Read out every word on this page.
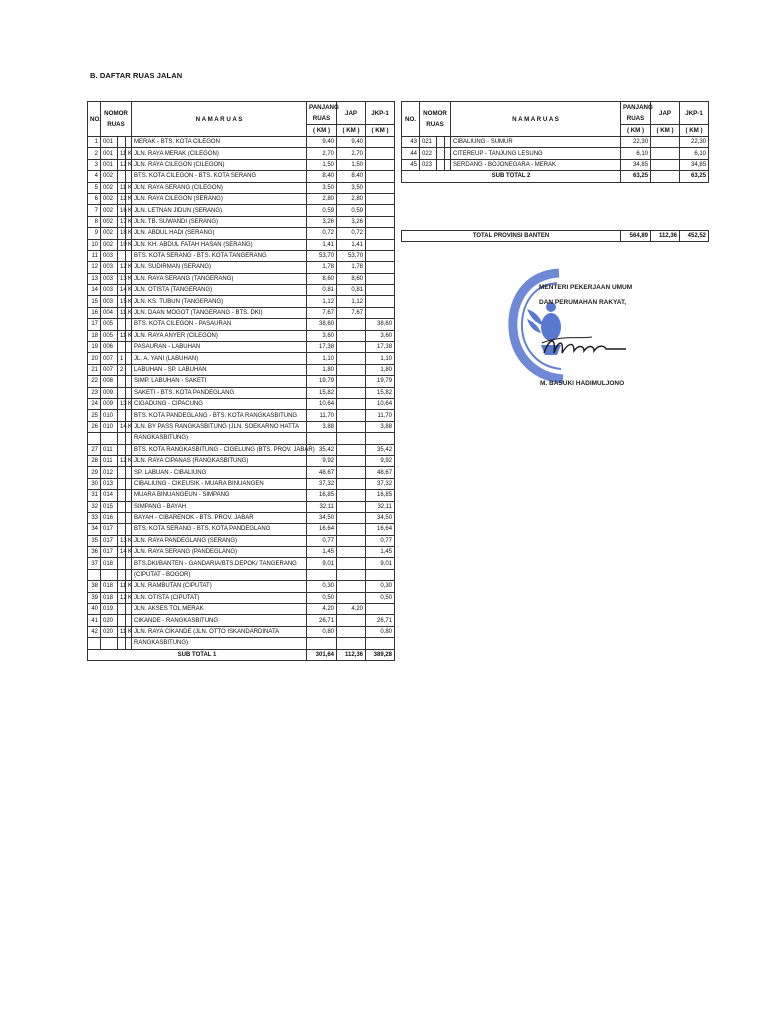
B. DAFTAR RUAS JALAN
NO.	NOMOR
RUAS			N A M A R U A S	PANJANG	JAP	JKP-1
					RUAS		
					( KM )	( KM )	( KM )
1	001			MERAK - BTS. KOTA CILEGON	9,40	9,40	
2	001	11	K	JLN. RAYA MERAK (CILEGON)	2,70	2,70	
3	001	12	K	JLN. RAYA CILEGON (CILEGON)	1,50	1,50	
4	002			BTS. KOTA CILEGON - BTS. KOTA SERANG	8,40	8,40	
5	002	11	K	JLN. RAYA SERANG (CILEGON)	3,50	3,50	
6	002	12	K	JLN. RAYA CILEGON (SERANG)	2,80	2,80	
7	002	16	K	JLN. LETNAN JIDUN (SERANG)	0,59	0,59	
8	002	17	K	JLN. TB. SUWANDI (SERANG)	3,26	3,26	
9	002	18	K	JLN. ABDUL HADI (SERANG)	0,72	0,72	
10	002	19	K	JLN. KH. ABDUL FATAH HASAN (SERANG)	1,41	1,41	
11	003			BTS. KOTA SERANG - BTS. KOTA TANGERANG	53,70	53,70	
12	003	12	K	JLN. SUDIRMAN (SERANG)	1,78	1,78	
13	003	13	K	JLN. RAYA SERANG (TANGERANG)	8,60	8,60	
14	003	14	K	JLN. OTISTA (TANGERANG)	0,81	0,81	
15	003	15	K	JLN. KS. TUBUN (TANGERANG)	1,12	1,12	
16	004	11	K	JLN. DAAN MOGOT (TANGERANG - BTS. DKI)	7,67	7,67	
17	005			BTS. KOTA CILEGON - PASAURAN	38,60		38,60
18	005	11	K	JLN. RAYA ANYER (CILEGON)	3,60		3,60
19	006			PASAURAN - LABUHAN	17,38		17,38
20	007	1		JL. A. YANI (LABUHAN)	1,10		1,10
21	007	2		LABUHAN - SP. LABUHAN	1,80		1,80
22	008			SIMP. LABUHAN - SAKETI	19,79		19,79
23	009			SAKETI - BTS. KOTA PANDEGLANG	15,82		15,82
24	009	13	K	CIGADUNG - CIPACUNG	10,64		10,64
25	010			BTS. KOTA PANDEGLANG - BTS. KOTA RANGKASBITUNG	11,70		11,70
26	010	14	K	JLN. BY PASS RANGKASBITUNG (JLN. SOEKARNO HATTA	3,88		3,88
				RANGKASBITUNG)			
27	011			BTS. KOTA RANGKASBITUNG - CIGELUNG (BTS. PROV. JABAR)	35,42		35,42
28	011	12	K	JLN. RAYA CIPANAS (RANGKASBITUNG)	9,92		9,92
29	012			SP. LABUAN - CIBALIUNG	48,67		48,67
30	013			CIBALIUNG - CIKEUSIK - MUARA BINUANGEN	37,32		37,32
31	014			MUARA BINUANGEUN - SIMPANG	16,85		16,85
32	015			SIMPANG - BAYAH	32,11		32,11
33	016			BAYAH - CIBARENOK - BTS. PROV. JABAR	34,50		34,50
34	017			BTS. KOTA SERANG - BTS. KOTA PANDEGLANG	16,64		16,64
35	017	13	K	JLN. RAYA PANDEGLANG (SERANG)	0,77		0,77
36	017	14	K	JLN. RAYA SERANG (PANDEGLANG)	1,45		1,45
37	018			BTS.DKI/BANTEN - GANDARIA/BTS.DEPOK/ TANGERANG	9,01		9,01
				(CIPUTAT - BOGOR)			
38	018	11	K	JLN. RAMBUTAN (CIPUTAT)	0,30		0,30
39	018	12	K	JLN. OTISTA (CIPUTAT)	0,50		0,50
40	019			JLN. AKSES TOL MERAK	4,20	4,20	
41	020			CIKANDE - RANGKASBITUNG	26,71		26,71
42	020	11	K	JLN. RAYA CIKANDE (JLN. OTTO ISKANDARDINATA	0,80		0,80
				RANGKASBITUNG)			
SUB TOTAL 1					301,64	112,36	389,28
NO.	NOMOR
RUAS			N A M A R U A S	PANJANG	JAP	JKP-1
					RUAS		
					( KM )	( KM )	( KM )
43	021			CIBALIUNG - SUMUR	22,30		22,30
44	022			CITEREUP - TANJUNG LESUNG	6,10		6,10
45	023			SERDANG - BOJONEGARA - MERAK	34,85		34,85
SUB TOTAL 2					63,25		63,25
TOTAL PROVINSI BANTEN	564,89	112,36	452,52
MENTERI PEKERJAAN UMUM
DAN PERUMAHAN RAKYAT,
M. BASUKI HADIMULJONO
